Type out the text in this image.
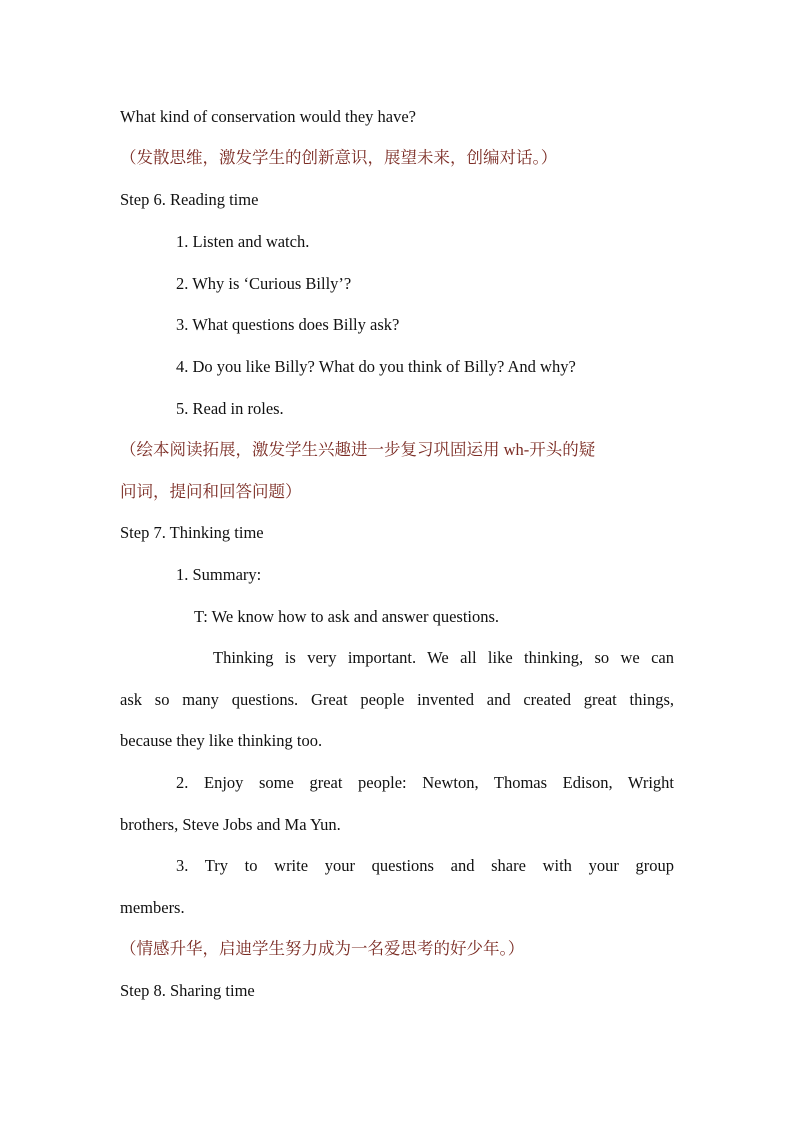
What kind of conservation would they have?
（发散思维，激发学生的创新意识，展望未来，创编对话。）
Step 6. Reading time
1. Listen and watch.
2. Why is ‘Curious Billy’?
3. What questions does Billy ask?
4. Do you like Billy? What do you think of Billy? And why?
5. Read in roles.
（绘本阅读拓展，激发学生兴趣进一步复习巩固运用 wh-开头的疑
问词，提问和回答问题）
Step 7. Thinking time
1. Summary:
T: We know how to ask and answer questions.
Thinking is very important. We all like thinking, so we can
ask so many questions. Great people invented and created great things,
because they like thinking too.
2. Enjoy some great people: Newton, Thomas Edison, Wright
brothers, Steve Jobs and Ma Yun.
3. Try to write your questions and share with your group
members.
（情感升华，启迪学生努力成为一名爱思考的好少年。）
Step 8. Sharing time
